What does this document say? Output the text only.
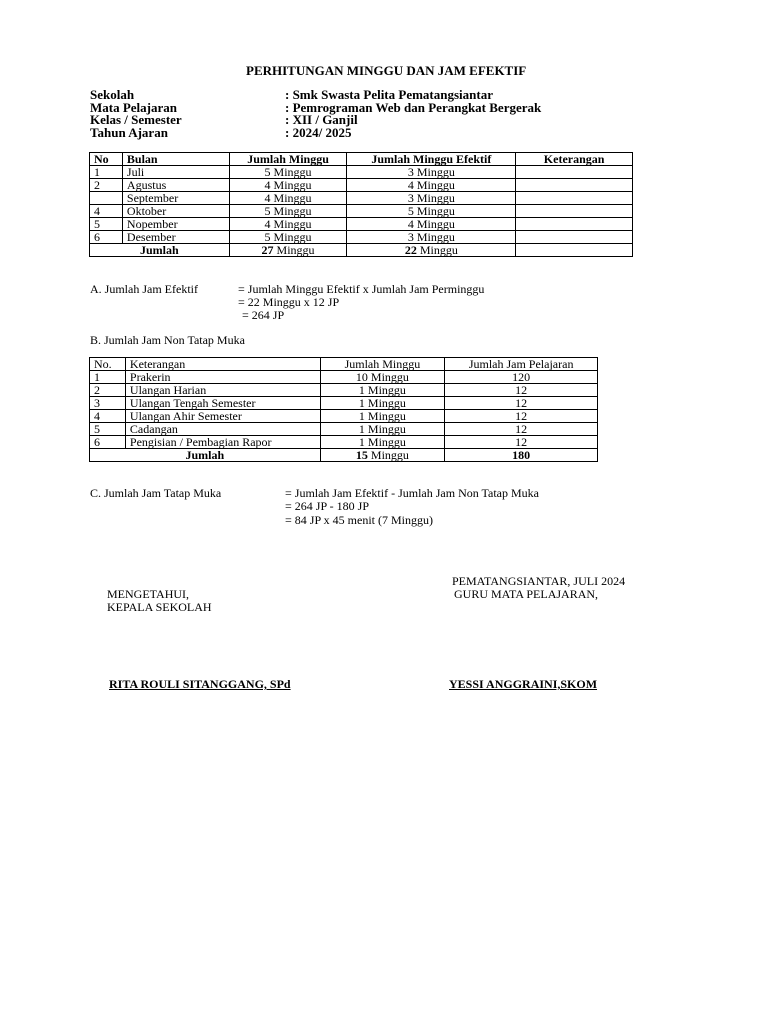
PERHITUNGAN MINGGU DAN JAM EFEKTIF
Sekolah	: Smk Swasta Pelita Pematangsiantar
Mata Pelajaran	: Pemrograman Web dan Perangkat Bergerak
Kelas / Semester	: XII / Ganjil
Tahun Ajaran	: 2024/ 2025
No	Bulan	Jumlah Minggu	Jumlah Minggu Efektif	Keterangan
1	Juli	5 Minggu	3 Minggu	
2	Agustus	4 Minggu	4 Minggu	
	September	4 Minggu	3 Minggu	
4	Oktober	5 Minggu	5 Minggu	
5	Nopember	4 Minggu	4 Minggu	
6	Desember	5 Minggu	3 Minggu	
Jumlah		27 Minggu	22 Minggu	
A. Jumlah Jam Efektif	= Jumlah Minggu Efektif x Jumlah Jam Perminggu
= 22 Minggu x 12 JP
= 264 JP
B. Jumlah Jam Non Tatap Muka
No.	Keterangan	Jumlah Minggu	Jumlah Jam Pelajaran
1	Prakerin	10 Minggu	120
2	Ulangan Harian	1 Minggu	12
3	Ulangan Tengah Semester	1 Minggu	12
4	Ulangan Ahir Semester	1 Minggu	12
5	Cadangan	1 Minggu	12
6	Pengisian / Pembagian Rapor	1 Minggu	12
Jumlah		15 Minggu	180
C. Jumlah Jam Tatap Muka	= Jumlah Jam Efektif - Jumlah Jam Non Tatap Muka
= 264 JP - 180 JP
= 84 JP x 45 menit (7 Minggu)
PEMATANGSIANTAR, JULI 2024
MENGETAHUI,	GURU MATA PELAJARAN,
KEPALA SEKOLAH
RITA ROULI SITANGGANG, SPd	YESSI ANGGRAINI,SKOM
